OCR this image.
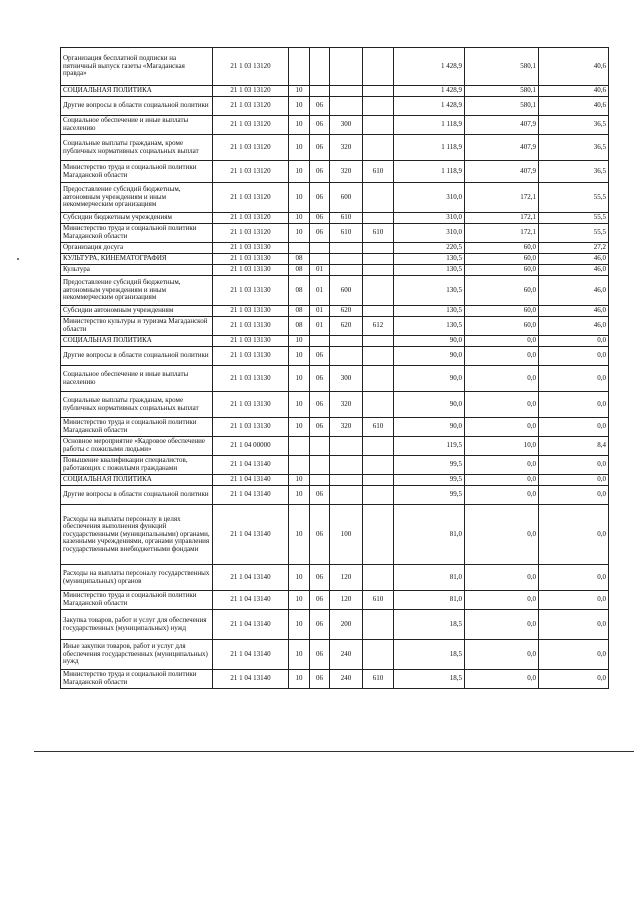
Организация бесплатной подписки на пятничный выпуск газеты «Магаданская правда»	21 1 03 13120					1 428,9	580,1	40,6
СОЦИАЛЬНАЯ ПОЛИТИКА	21 1 03 13120	10				1 428,9	580,1	40,6
Другие вопросы в области социальной политики	21 1 03 13120	10	06			1 428,9	580,1	40,6
Социальное обеспечение и иные выплаты населению	21 1 03 13120	10	06	300		1 118,9	407,9	36,5
Социальные выплаты гражданам, кроме публичных нормативных социальных выплат	21 1 03 13120	10	06	320		1 118,9	407,9	36,5
Министерство труда и социальной политики Магаданской области	21 1 03 13120	10	06	320	610	1 118,9	407,9	36,5
Предоставление субсидий бюджетным, автономным учреждениям и иным некоммерческим организациям	21 1 03 13120	10	06	600		310,0	172,1	55,5
Субсидии бюджетным учреждениям	21 1 03 13120	10	06	610		310,0	172,1	55,5
Министерство труда и социальной политики Магаданской области	21 1 03 13120	10	06	610	610	310,0	172,1	55,5
Организация досуга	21 1 03 13130					220,5	60,0	27,2
КУЛЬТУРА, КИНЕМАТОГРАФИЯ	21 1 03 13130	08				130,5	60,0	46,0
Культура	21 1 03 13130	08	01			130,5	60,0	46,0
Предоставление субсидий бюджетным, автономным учреждениям и иным некоммерческим организациям	21 1 03 13130	08	01	600		130,5	60,0	46,0
Субсидии автономным учреждениям	21 1 03 13130	08	01	620		130,5	60,0	46,0
Министерство культуры и туризма Магаданской области	21 1 03 13130	08	01	620	612	130,5	60,0	46,0
СОЦИАЛЬНАЯ ПОЛИТИКА	21 1 03 13130	10				90,0	0,0	0,0
Другие вопросы в области социальной политики	21 1 03 13130	10	06			90,0	0,0	0,0
Социальное обеспечение и иные выплаты населению	21 1 03 13130	10	06	300		90,0	0,0	0,0
Социальные выплаты гражданам, кроме публичных нормативных социальных выплат	21 1 03 13130	10	06	320		90,0	0,0	0,0
Министерство труда и социальной политики Магаданской области	21 1 03 13130	10	06	320	610	90,0	0,0	0,0
Основное мероприятие «Кадровое обеспечение работы с пожилыми людьми»	21 1 04 00000					119,5	10,0	8,4
Повышение квалификации специалистов, работающих с пожилыми гражданами	21 1 04 13140					99,5	0,0	0,0
СОЦИАЛЬНАЯ ПОЛИТИКА	21 1 04 13140	10				99,5	0,0	0,0
Другие вопросы в области социальной политики	21 1 04 13140	10	06			99,5	0,0	0,0
Расходы на выплаты персоналу в целях обеспечения выполнения функций государственными (муниципальными) органами, казенными учреждениями, органами управления государственными внебюджетными фондами	21 1 04 13140	10	06	100		81,0	0,0	0,0
Расходы на выплаты персоналу государственных (муниципальных) органов	21 1 04 13140	10	06	120		81,0	0,0	0,0
Министерство труда и социальной политики Магаданской области	21 1 04 13140	10	06	120	610	81,0	0,0	0,0
Закупка товаров, работ и услуг для обеспечения государственных (муниципальных) нужд	21 1 04 13140	10	06	200		18,5	0,0	0,0
Иные закупки товаров, работ и услуг для обеспечения государственных (муниципальных) нужд	21 1 04 13140	10	06	240		18,5	0,0	0,0
Министерство труда и социальной политики Магаданской области	21 1 04 13140	10	06	240	610	18,5	0,0	0,0
